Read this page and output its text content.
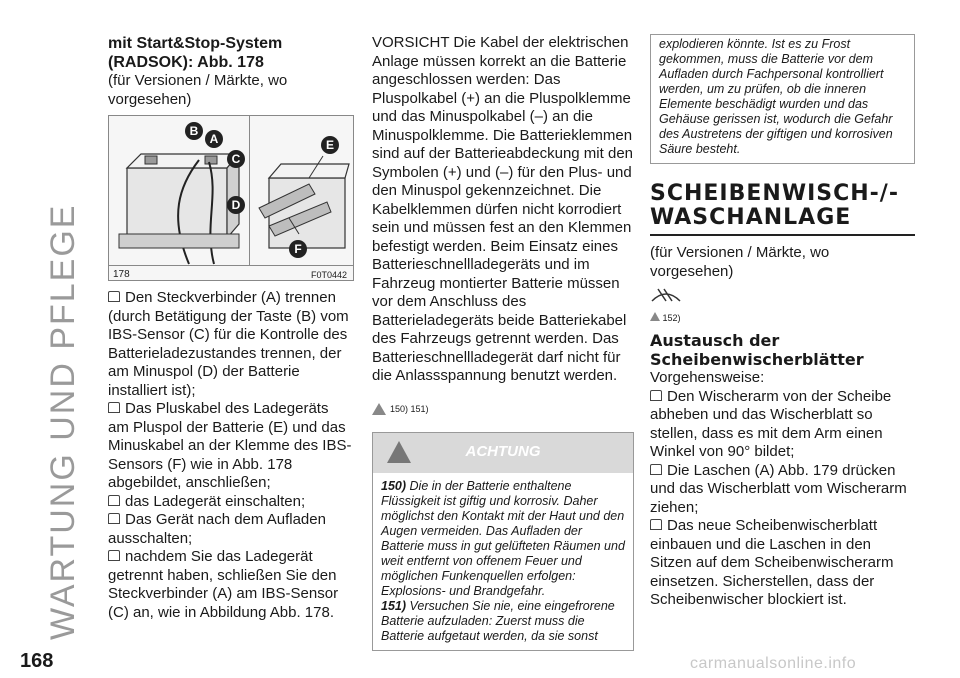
WARTUNG UND PFLEGE
mit Start&Stop-System (RADSOK): Abb. 178

(für Versionen / Märkte, wo vorgesehen)

B
A
C
D
E
F
178	F0T0442

Den Steckverbinder (A) trennen (durch Betätigung der Taste (B) vom IBS-Sensor (C) für die Kontrolle des Batterieladezustandes trennen, der am Minuspol (D) der Batterie installiert ist);

Das Pluskabel des Ladegeräts am Pluspol der Batterie (E) und das Minuskabel an der Klemme des IBS-Sensors (F) wie in Abb. 178 abgebildet, anschließen;

das Ladegerät einschalten;

Das Gerät nach dem Aufladen ausschalten;

nachdem Sie das Ladegerät getrennt haben, schließen Sie den Steckverbinder (A) am IBS-Sensor (C) an, wie in Abbildung Abb. 178.

VORSICHT Die Kabel der elektrischen Anlage müssen korrekt an die Batterie angeschlossen werden: Das Pluspolkabel (+) an die Pluspolklemme und das Minuspolkabel (–) an die Minuspolklemme. Die Batterieklemmen sind auf der Batterieabdeckung mit den Symbolen (+) und (–) für den Plus- und den Minuspol gekennzeichnet. Die Kabelklemmen dürfen nicht korrodiert sein und müssen fest an den Klemmen befestigt werden. Beim Einsatz eines Batterieschnellladegeräts und im Fahrzeug montierter Batterie müssen vor dem Anschluss des Batterieladegeräts beide Batteriekabel des Fahrzeugs getrennt werden. Das Batterieschnellladegerät darf nicht für die Anlassspannung benutzt werden.

150) 151)
ACHTUNG

150) Die in der Batterie enthaltene Flüssigkeit ist giftig und korrosiv. Daher möglichst den Kontakt mit der Haut und den Augen vermeiden. Das Aufladen der Batterie muss in gut gelüfteten Räumen und weit entfernt von offenem Feuer und möglichen Funkenquellen erfolgen: Explosions- und Brandgefahr.

151) Versuchen Sie nie, eine eingefrorene Batterie aufzuladen: Zuerst muss die Batterie aufgetaut werden, da sie sonst

explodieren könnte. Ist es zu Frost gekommen, muss die Batterie vor dem Aufladen durch Fachpersonal kontrolliert werden, um zu prüfen, ob die inneren Elemente beschädigt wurden und das Gehäuse gerissen ist, wodurch die Gefahr des Austretens der giftigen und korrosiven Säure besteht.
SCHEIBENWISCH-/-WASCHANLAGE

(für Versionen / Märkte, wo vorgesehen)

152)
Austausch der Scheibenwischerblätter

Vorgehensweise:

Den Wischerarm von der Scheibe abheben und das Wischerblatt so stellen, dass es mit dem Arm einen Winkel von 90° bildet;

Die Laschen (A) Abb. 179 drücken und das Wischerblatt vom Wischerarm ziehen;

Das neue Scheibenwischerblatt einbauen und die Laschen in den Sitzen auf dem Scheibenwischerarm einsetzen. Sicherstellen, dass der Scheibenwischer blockiert ist.

168	carmanualsonline.info
